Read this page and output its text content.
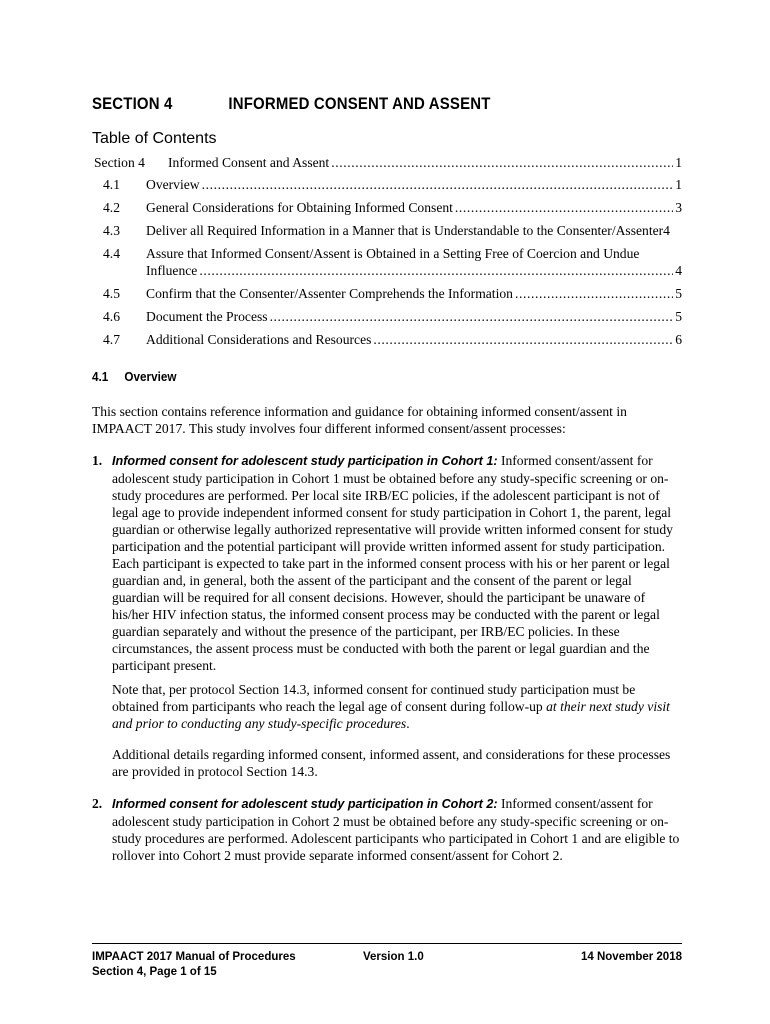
SECTION 4	INFORMED CONSENT AND ASSENT
Table of Contents
Section 4	Informed Consent and Assent .....	1
4.1	Overview .....	1
4.2	General Considerations for Obtaining Informed Consent .....	3
4.3	Deliver all Required Information in a Manner that is Understandable to the Consenter/Assenter 4
4.4	Assure that Informed Consent/Assent is Obtained in a Setting Free of Coercion and Undue
Influence .....	4
4.5	Confirm that the Consenter/Assenter Comprehends the Information .....	5
4.6	Document the Process .....	5
4.7	Additional Considerations and Resources .....	6
4.1 Overview
This section contains reference information and guidance for obtaining informed consent/assent in IMPAACT 2017. This study involves four different informed consent/assent processes:
1. Informed consent for adolescent study participation in Cohort 1: Informed consent/assent for adolescent study participation in Cohort 1 must be obtained before any study-specific screening or on-study procedures are performed. Per local site IRB/EC policies, if the adolescent participant is not of legal age to provide independent informed consent for study participation in Cohort 1, the parent, legal guardian or otherwise legally authorized representative will provide written informed consent for study participation and the potential participant will provide written informed assent for study participation. Each participant is expected to take part in the informed consent process with his or her parent or legal guardian and, in general, both the assent of the participant and the consent of the parent or legal guardian will be required for all consent decisions. However, should the participant be unaware of his/her HIV infection status, the informed consent process may be conducted with the parent or legal guardian separately and without the presence of the participant, per IRB/EC policies. In these circumstances, the assent process must be conducted with both the parent or legal guardian and the participant present.
Note that, per protocol Section 14.3, informed consent for continued study participation must be obtained from participants who reach the legal age of consent during follow-up at their next study visit and prior to conducting any study-specific procedures.
Additional details regarding informed consent, informed assent, and considerations for these processes are provided in protocol Section 14.3.
2. Informed consent for adolescent study participation in Cohort 2: Informed consent/assent for adolescent study participation in Cohort 2 must be obtained before any study-specific screening or on-study procedures are performed. Adolescent participants who participated in Cohort 1 and are eligible to rollover into Cohort 2 must provide separate informed consent/assent for Cohort 2.
IMPAACT 2017 Manual of Procedures	Version 1.0	14 November 2018
Section 4, Page 1 of 15
